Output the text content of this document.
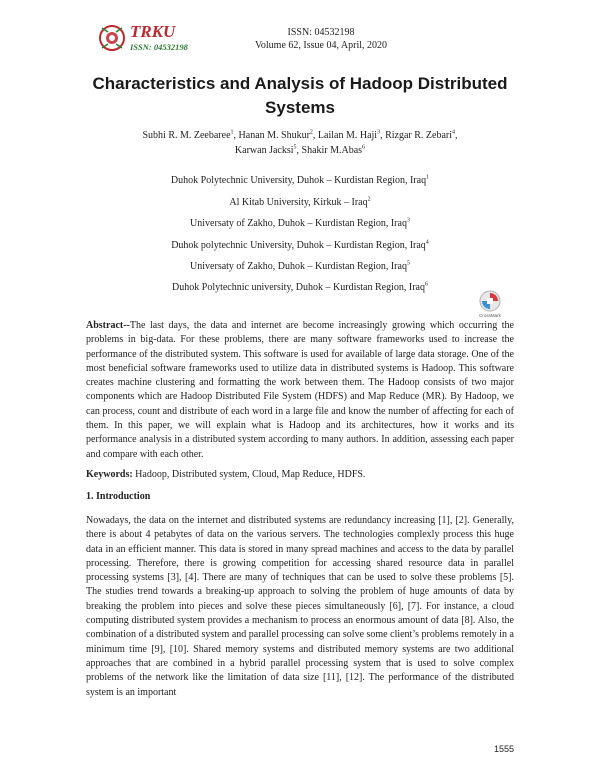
TRKU
ISSN: 04532198
ISSN: 04532198
Volume 62, Issue 04, April, 2020
Characteristics and Analysis of Hadoop Distributed Systems
Subhi R. M. Zeebaree$^1$, Hanan M. Shukur$^2$, Lailan M. Haji$^3$, Rizgar R. Zebari$^4$,
Karwan Jacksi$^5$, Shakir M.Abas$^6$
Duhok Polytechnic University, Duhok – Kurdistan Region, Iraq$^1$
Al Kitab University, Kirkuk – Iraq$^2$
Universaty of Zakho, Duhok – Kurdistan Region, Iraq$^3$
Duhok polytechnic University, Duhok – Kurdistan Region, Iraq$^4$
Universaty of Zakho, Duhok – Kurdistan Region, Iraq$^5$
Duhok Polytechnic university, Duhok – Kurdistan Region, Iraq$^6$
CrossMark
Abstract--The last days, the data and internet are become increasingly growing which occurring the problems in big-data. For these problems, there are many software frameworks used to increase the performance of the distributed system. This software is used for available of large data storage. One of the most beneficial software frameworks used to utilize data in distributed systems is Hadoop. This software creates machine clustering and formatting the work between them. The Hadoop consists of two major components which are Hadoop Distributed File System (HDFS) and Map Reduce (MR). By Hadoop, we can process, count and distribute of each word in a large file and know the number of affecting for each of them. In this paper, we will explain what is Hadoop and its architectures, how it works and its performance analysis in a distributed system according to many authors. In addition, assessing each paper and compare with each other.
Keywords: Hadoop, Distributed system, Cloud, Map Reduce, HDFS.
1. Introduction
Nowadays, the data on the internet and distributed systems are redundancy increasing [1], [2]. Generally, there is about 4 petabytes of data on the various servers. The technologies complexly process this huge data in an efficient manner. This data is stored in many spread machines and access to the data by parallel processing. Therefore, there is growing competition for accessing shared resource data in parallel processing systems [3], [4]. There are many of techniques that can be used to solve these problems [5]. The studies trend towards a breaking-up approach to solving the problem of huge amounts of data by breaking the problem into pieces and solve these pieces simultaneously [6], [7]. For instance, a cloud computing distributed system provides a mechanism to process an enormous amount of data [8]. Also, the combination of a distributed system and parallel processing can solve some client’s problems remotely in a minimum time [9], [10]. Shared memory systems and distributed memory systems are two additional approaches that are combined in a hybrid parallel processing system that is used to solve complex problems of the network like the limitation of data size [11], [12]. The performance of the distributed system is an important
1555
